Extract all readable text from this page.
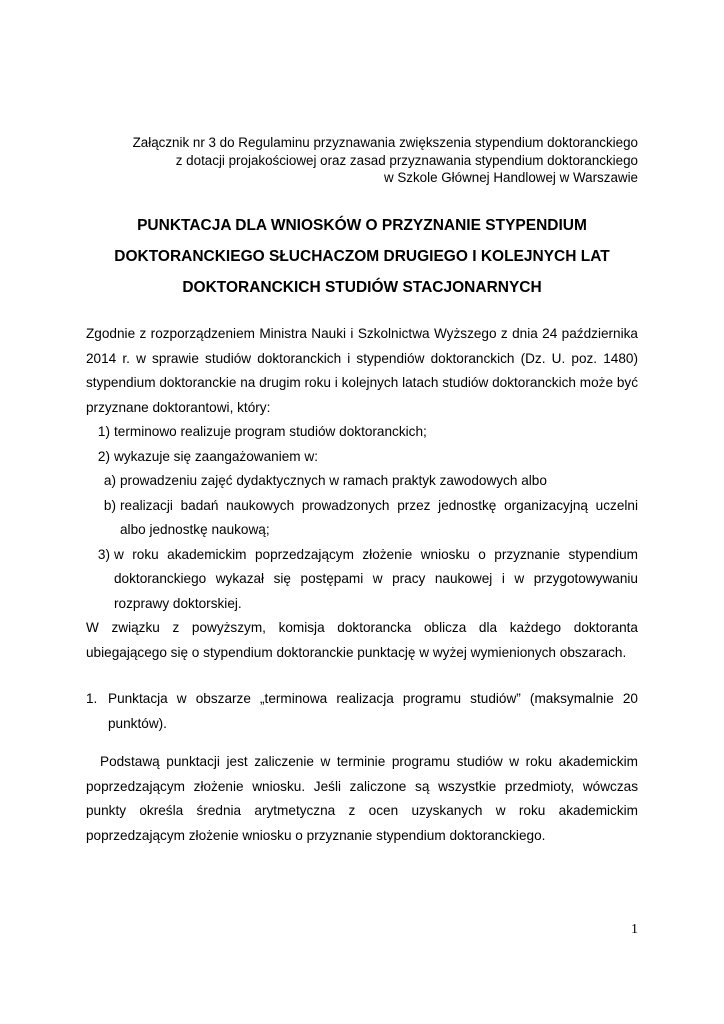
Załącznik nr 3 do Regulaminu przyznawania zwiększenia stypendium doktoranckiego
z dotacji projakościowej oraz zasad przyznawania stypendium doktoranckiego
w Szkole Głównej Handlowej w Warszawie
PUNKTACJA DLA WNIOSKÓW O PRZYZNANIE STYPENDIUM
DOKTORANCKIEGO SŁUCHACZOM DRUGIEGO I KOLEJNYCH LAT
DOKTORANCKICH STUDIÓW STACJONARNYCH

Zgodnie z rozporządzeniem Ministra Nauki i Szkolnictwa Wyższego z dnia 24 października 2014 r. w sprawie studiów doktoranckich i stypendiów doktoranckich (Dz. U. poz. 1480) stypendium doktoranckie na drugim roku i kolejnych latach studiów doktoranckich może być przyznane doktorantowi, który:

1) terminowo realizuje program studiów doktoranckich;
2) wykazuje się zaangażowaniem w:
a) prowadzeniu zajęć dydaktycznych w ramach praktyk zawodowych albo
b) realizacji badań naukowych prowadzonych przez jednostkę organizacyjną uczelni albo jednostkę naukową;
3) w roku akademickim poprzedzającym złożenie wniosku o przyznanie stypendium doktoranckiego wykazał się postępami w pracy naukowej i w przygotowywaniu rozprawy doktorskiej.

W związku z powyższym, komisja doktorancka oblicza dla każdego doktoranta ubiegającego się o stypendium doktoranckie punktację w wyżej wymienionych obszarach.

1. Punktacja w obszarze „terminowa realizacja programu studiów” (maksymalnie 20 punktów).

Podstawą punktacji jest zaliczenie w terminie programu studiów w roku akademickim poprzedzającym złożenie wniosku. Jeśli zaliczone są wszystkie przedmioty, wówczas punkty określa średnia arytmetyczna z ocen uzyskanych w roku akademickim poprzedzającym złożenie wniosku o przyznanie stypendium doktoranckiego.

1
